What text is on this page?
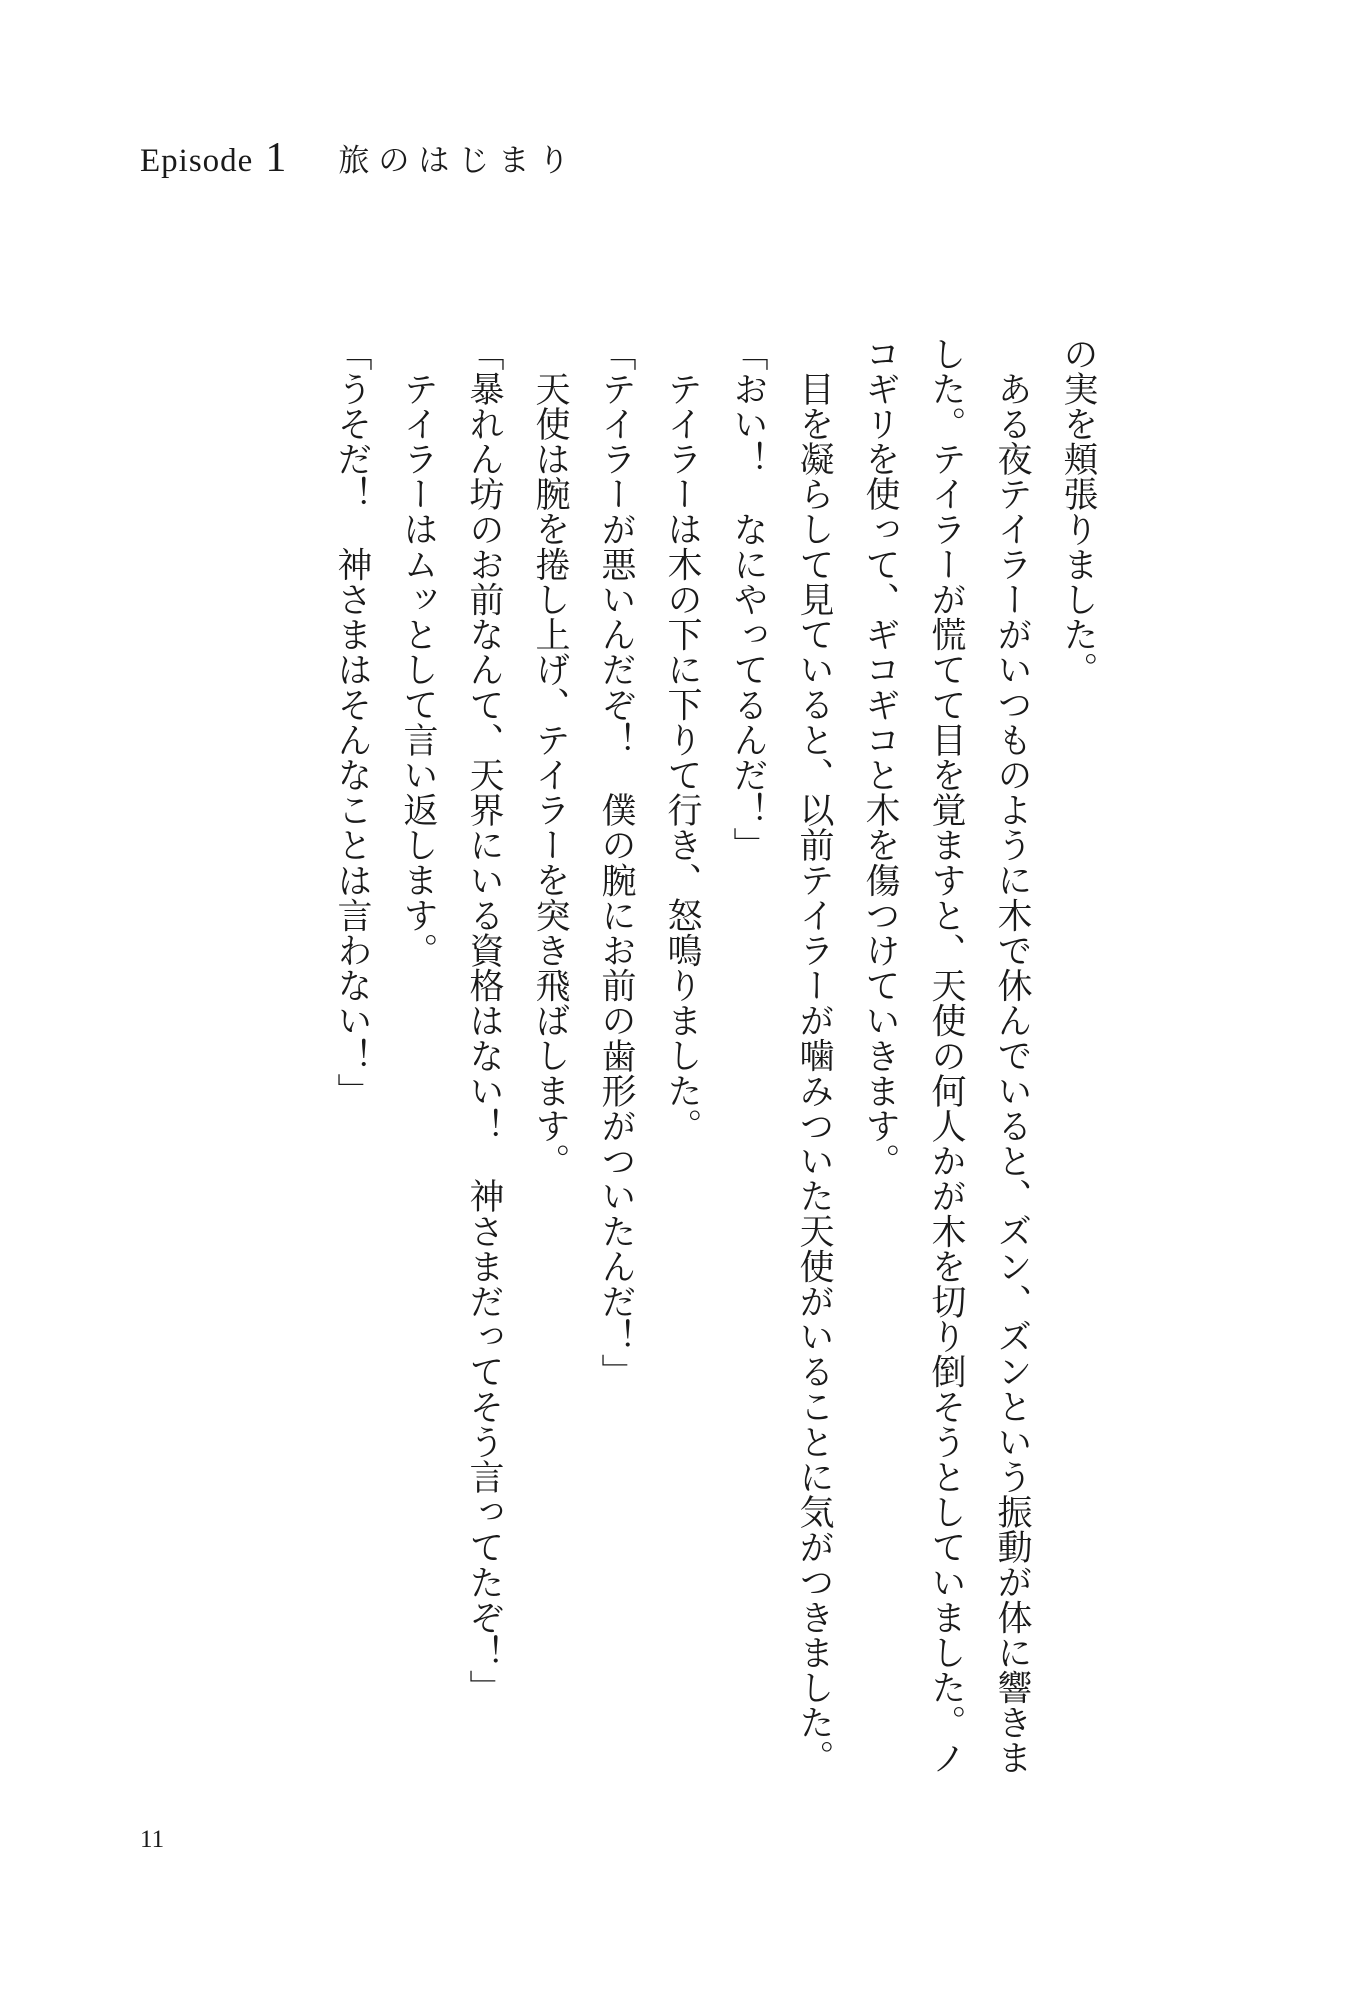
Episode 1 旅のはじまり

の実を頬張りました。

ある夜テイラーがいつものように木で休んでいると、ズン、ズンという振動が体に響きました。テイラーが慌てて目を覚ますと、天使の何人かが木を切り倒そうとしていました。ノコギリを使って、ギコギコと木を傷つけていきます。

目を凝らして見ていると、以前テイラーが噛みついた天使がいることに気がつきました。

「おい！　なにやってるんだ！」

テイラーは木の下に下りて行き、怒鳴りました。

「テイラーが悪いんだぞ！　僕の腕にお前の歯形がついたんだ！」

天使は腕を捲し上げ、テイラーを突き飛ばします。

「暴れん坊のお前なんて、天界にいる資格はない！　神さまだってそう言ってたぞ！」

テイラーはムッとして言い返します。

「うそだ！　神さまはそんなことは言わない！」

11
